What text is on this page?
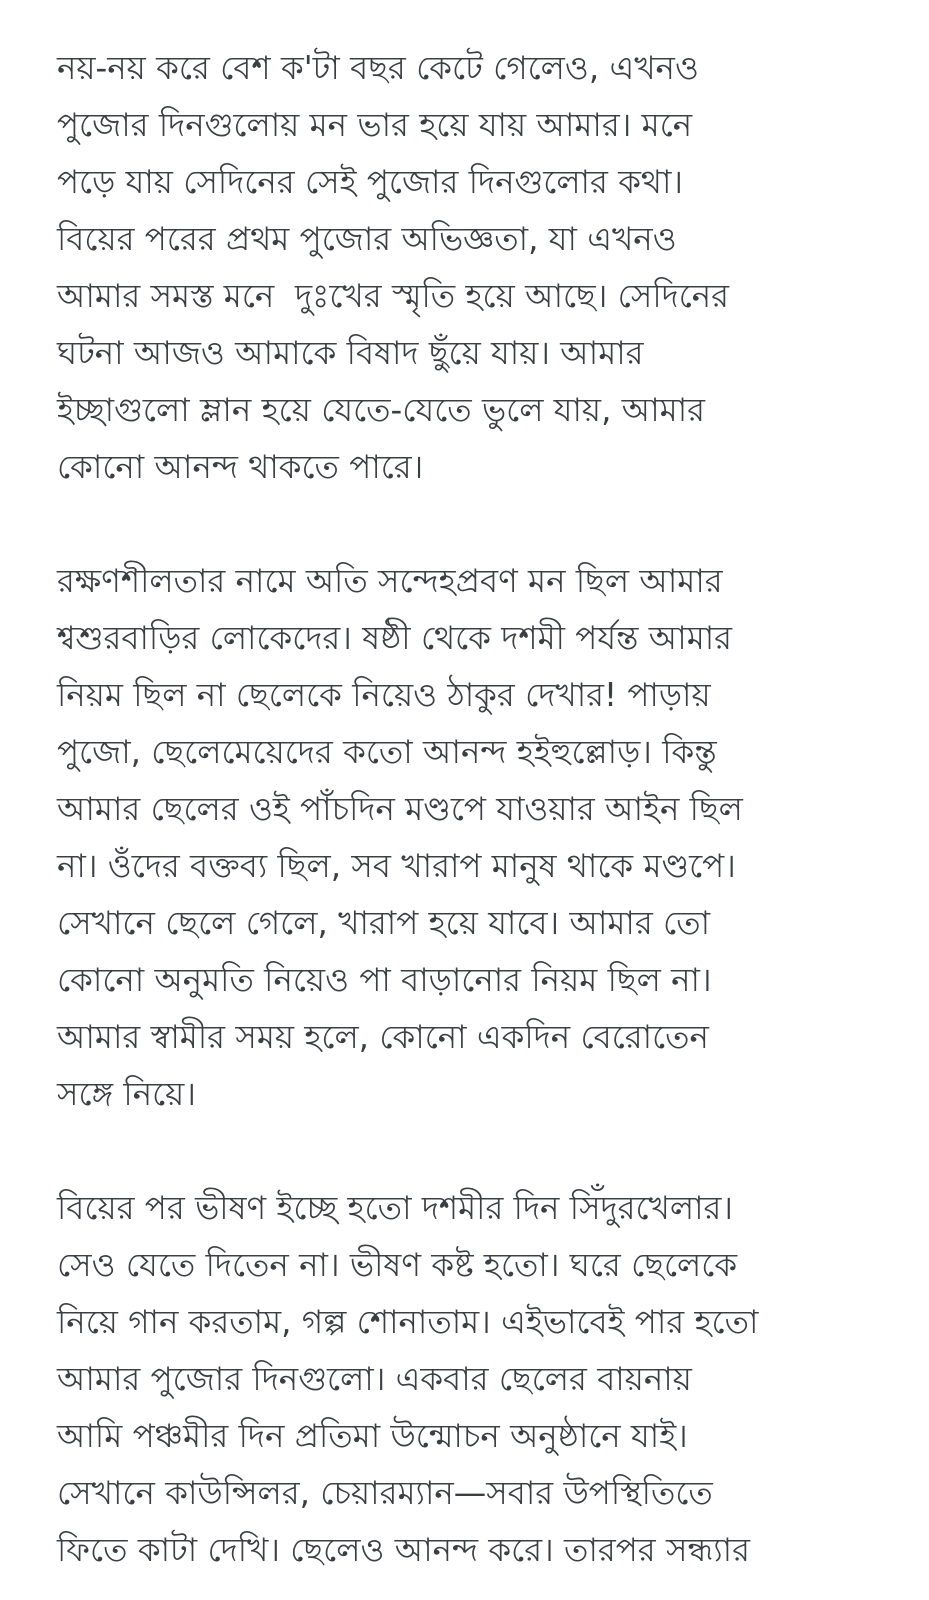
নয়-নয় করে বেশ ক'টা বছর কেটে গেলেও, এখনও
পুজোর দিনগুলোয় মন ভার হয়ে যায় আমার। মনে
পড়ে যায় সেদিনের সেই পুজোর দিনগুলোর কথা।
বিয়ের পরের প্রথম পুজোর অভিজ্ঞতা, যা এখনও
আমার সমস্ত মনে  দুঃখের স্মৃতি হয়ে আছে। সেদিনের
ঘটনা আজও আমাকে বিষাদ ছুঁয়ে যায়। আমার
ইচ্ছাগুলো ম্লান হয়ে যেতে-যেতে ভুলে যায়, আমার
কোনো আনন্দ থাকতে পারে।
রক্ষণশীলতার নামে অতি সন্দেহপ্রবণ মন ছিল আমার
শ্বশুরবাড়ির লোকেদের। ষষ্ঠী থেকে দশমী পর্যন্ত আমার
নিয়ম ছিল না ছেলেকে নিয়েও ঠাকুর দেখার! পাড়ায়
পুজো, ছেলেমেয়েদের কতো আনন্দ হইহুল্লোড়। কিন্তু
আমার ছেলের ওই পাঁচদিন মণ্ডপে যাওয়ার আইন ছিল
না। ওঁদের বক্তব্য ছিল, সব খারাপ মানুষ থাকে মণ্ডপে।
সেখানে ছেলে গেলে, খারাপ হয়ে যাবে। আমার তো
কোনো অনুমতি নিয়েও পা বাড়ানোর নিয়ম ছিল না।
আমার স্বামীর সময় হলে, কোনো একদিন বেরোতেন
সঙ্গে নিয়ে।
বিয়ের পর ভীষণ ইচ্ছে হতো দশমীর দিন সিঁদুরখেলার।
সেও যেতে দিতেন না। ভীষণ কষ্ট হতো। ঘরে ছেলেকে
নিয়ে গান করতাম, গল্প শোনাতাম। এইভাবেই পার হতো
আমার পুজোর দিনগুলো। একবার ছেলের বায়নায়
আমি পঞ্চমীর দিন প্রতিমা উন্মোচন অনুষ্ঠানে যাই।
সেখানে কাউন্সিলর, চেয়ারম্যান—সবার উপস্থিতিতে
ফিতে কাটা দেখি। ছেলেও আনন্দ করে। তারপর সন্ধ্যার
